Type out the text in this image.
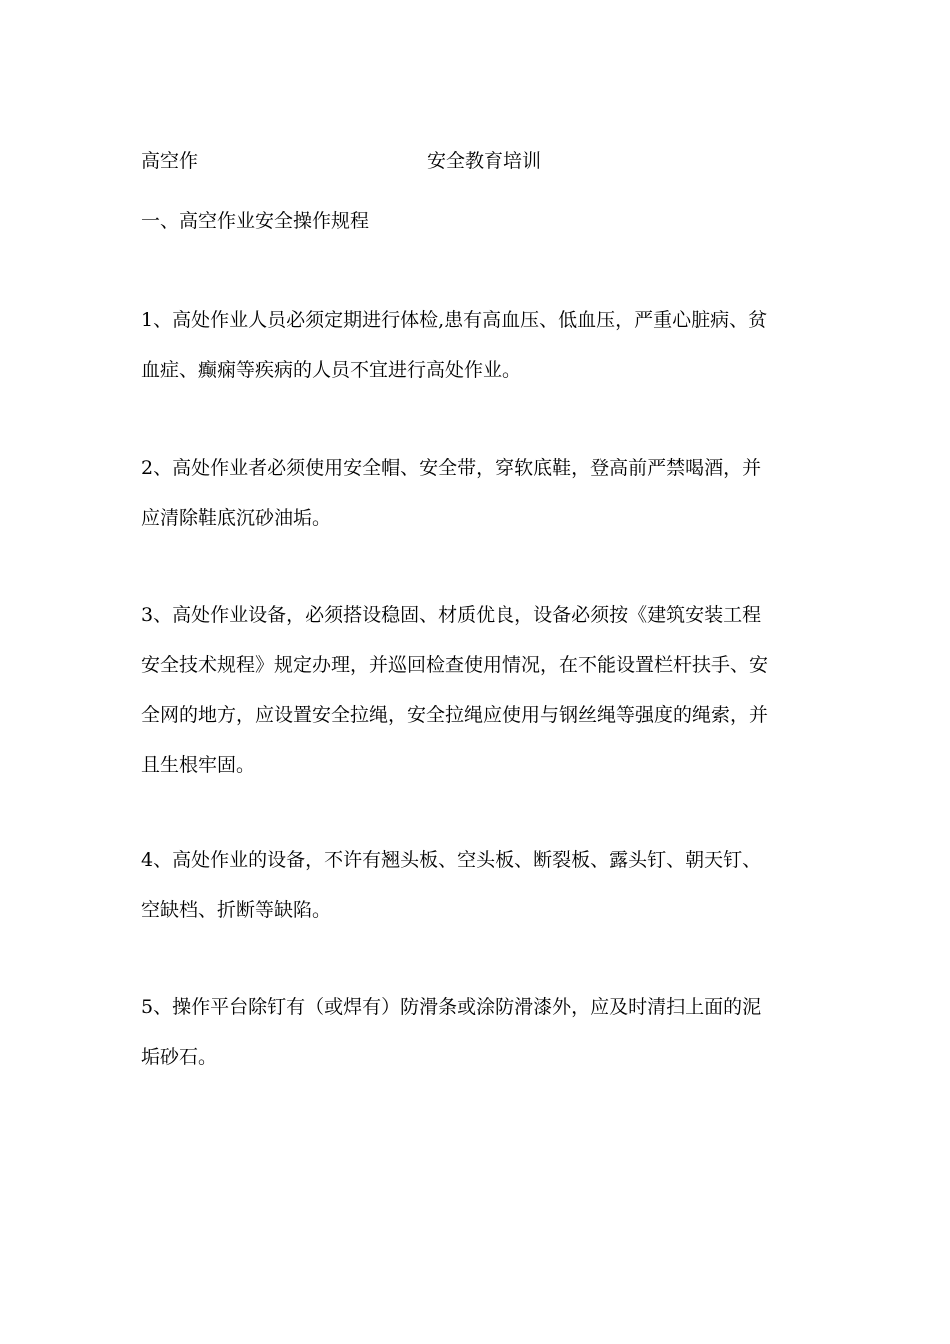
高空作	安全教育培训
一、高空作业安全操作规程

1、高处作业人员必须定期进行体检,患有高血压、低血压，严重心脏病、贫
血症、癫痫等疾病的人员不宜进行高处作业。

2、高处作业者必须使用安全帽、安全带，穿软底鞋，登高前严禁喝酒，并
应清除鞋底沉砂油垢。

3、高处作业设备，必须搭设稳固、材质优良，设备必须按《建筑安装工程
安全技术规程》规定办理，并巡回检查使用情况，在不能设置栏杆扶手、安
全网的地方，应设置安全拉绳，安全拉绳应使用与钢丝绳等强度的绳索，并
且生根牢固。

4、高处作业的设备，不许有翘头板、空头板、断裂板、露头钉、朝天钉、
空缺档、折断等缺陷。

5、操作平台除钉有（或焊有）防滑条或涂防滑漆外，应及时清扫上面的泥
垢砂石。
